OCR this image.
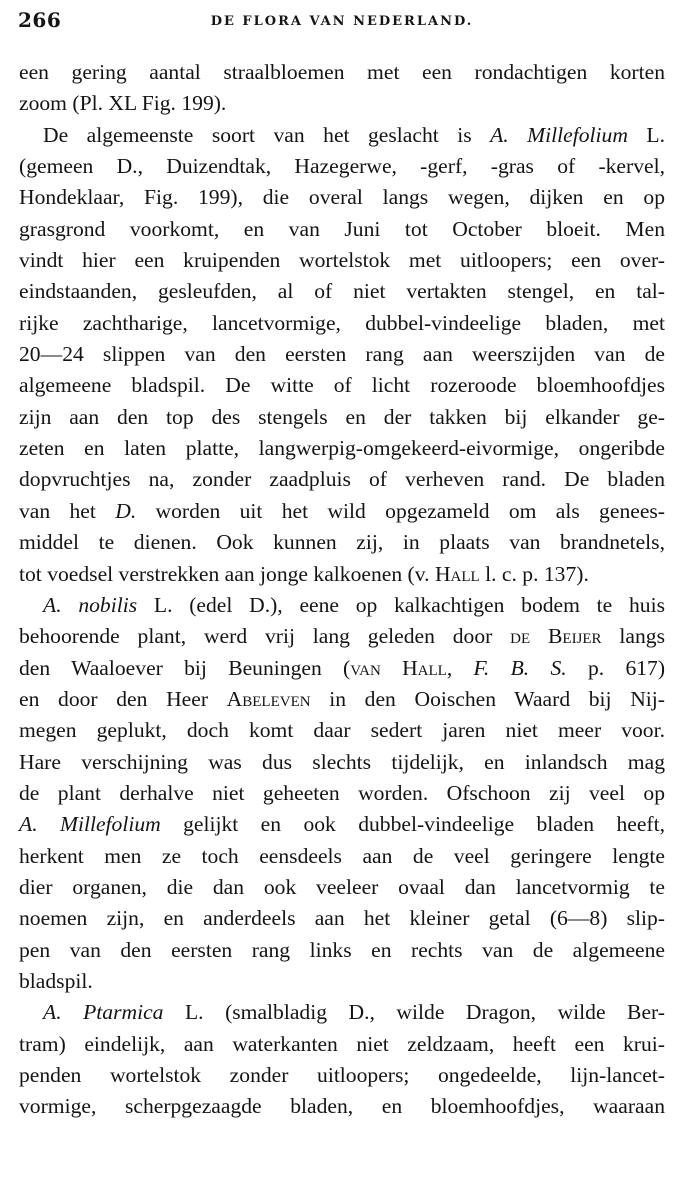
266	DE FLORA VAN NEDERLAND.
een gering aantal straalbloemen met een rondachtigen korten
zoom (Pl. XL Fig. 199).
De algemeenste soort van het geslacht is A. Millefolium L.
(gemeen D., Duizendtak, Hazegerwe, -gerf, -gras of -kervel,
Hondeklaar, Fig. 199), die overal langs wegen, dijken en op
grasgrond voorkomt, en van Juni tot October bloeit. Men
vindt hier een kruipenden wortelstok met uitloopers; een over-
eindstaanden, gesleufden, al of niet vertakten stengel, en tal-
rijke zachtharige, lancetvormige, dubbel-vindeelige bladen, met
20—24 slippen van den eersten rang aan weerszijden van de
algemeene bladspil. De witte of licht rozeroode bloemhoofdjes
zijn aan den top des stengels en der takken bij elkander ge-
zeten en laten platte, langwerpig-omgekeerd-eivormige, ongeribde
dopvruchtjes na, zonder zaadpluis of verheven rand. De bladen
van het D. worden uit het wild opgezameld om als genees-
middel te dienen. Ook kunnen zij, in plaats van brandnetels,
tot voedsel verstrekken aan jonge kalkoenen (v. Hall l. c. p. 137).
A. nobilis L. (edel D.), eene op kalkachtigen bodem te huis
behoorende plant, werd vrij lang geleden door de Beijer langs
den Waaloever bij Beuningen (van Hall, F. B. S. p. 617)
en door den Heer Abeleven in den Ooischen Waard bij Nij-
megen geplukt, doch komt daar sedert jaren niet meer voor.
Hare verschijning was dus slechts tijdelijk, en inlandsch mag
de plant derhalve niet geheeten worden. Ofschoon zij veel op
A. Millefolium gelijkt en ook dubbel-vindeelige bladen heeft,
herkent men ze toch eensdeels aan de veel geringere lengte
dier organen, die dan ook veeleer ovaal dan lancetvormig te
noemen zijn, en anderdeels aan het kleiner getal (6—8) slip-
pen van den eersten rang links en rechts van de algemeene
bladspil.
A. Ptarmica L. (smalbladig D., wilde Dragon, wilde Ber-
tram) eindelijk, aan waterkanten niet zeldzaam, heeft een krui-
penden wortelstok zonder uitloopers; ongedeelde, lijn-lancet-
vormige, scherpgezaagde bladen, en bloemhoofdjes, waaraan
